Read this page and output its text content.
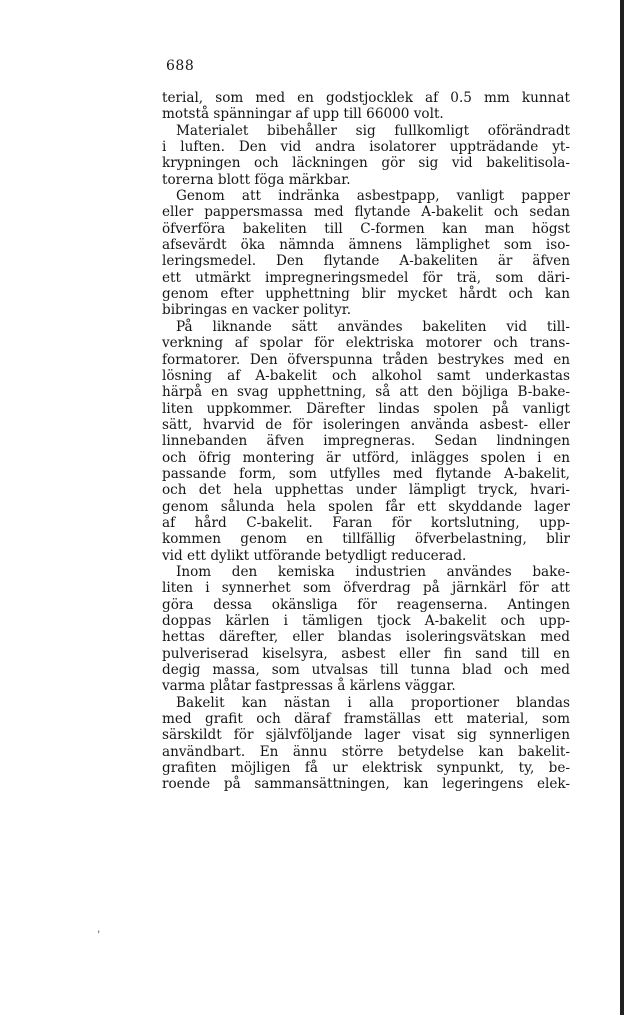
688
terial, som med en godstjocklek af 0.5 mm kunnat
motstå spänningar af upp till 66000 volt.
Materialet bibehåller sig fullkomligt oförändradt
i luften. Den vid andra isolatorer uppträdande yt-
krypningen och läckningen gör sig vid bakelitisola-
torerna blott föga märkbar.
Genom att indränka asbestpapp, vanligt papper
eller pappersmassa med flytande A-bakelit och sedan
öfverföra bakeliten till C-formen kan man högst
afsevärdt öka nämnda ämnens lämplighet som iso-
leringsmedel. Den flytande A-bakeliten är äfven
ett utmärkt impregneringsmedel för trä, som däri-
genom efter upphettning blir mycket hårdt och kan
bibringas en vacker polityr.
På liknande sätt användes bakeliten vid till-
verkning af spolar för elektriska motorer och trans-
formatorer. Den öfverspunna tråden bestrykes med en
lösning af A-bakelit och alkohol samt underkastas
härpå en svag upphettning, så att den böjliga B-bake-
liten uppkommer. Därefter lindas spolen på vanligt
sätt, hvarvid de för isoleringen använda asbest- eller
linnebanden äfven impregneras. Sedan lindningen
och öfrig montering är utförd, inlägges spolen i en
passande form, som utfylles med flytande A-bakelit,
och det hela upphettas under lämpligt tryck, hvari-
genom sålunda hela spolen får ett skyddande lager
af hård C-bakelit. Faran för kortslutning, upp-
kommen genom en tillfällig öfverbelastning, blir
vid ett dylikt utförande betydligt reducerad.
Inom den kemiska industrien användes bake-
liten i synnerhet som öfverdrag på järnkärl för att
göra dessa okänsliga för reagenserna. Antingen
doppas kärlen i tämligen tjock A-bakelit och upp-
hettas därefter, eller blandas isoleringsvätskan med
pulveriserad kiselsyra, asbest eller fin sand till en
degig massa, som utvalsas till tunna blad och med
varma plåtar fastpressas å kärlens väggar.
Bakelit kan nästan i alla proportioner blandas
med grafit och däraf framställas ett material, som
särskildt för självföljande lager visat sig synnerligen
användbart. En ännu större betydelse kan bakelit-
grafiten möjligen få ur elektrisk synpunkt, ty, be-
roende på sammansättningen, kan legeringens elek-
,
